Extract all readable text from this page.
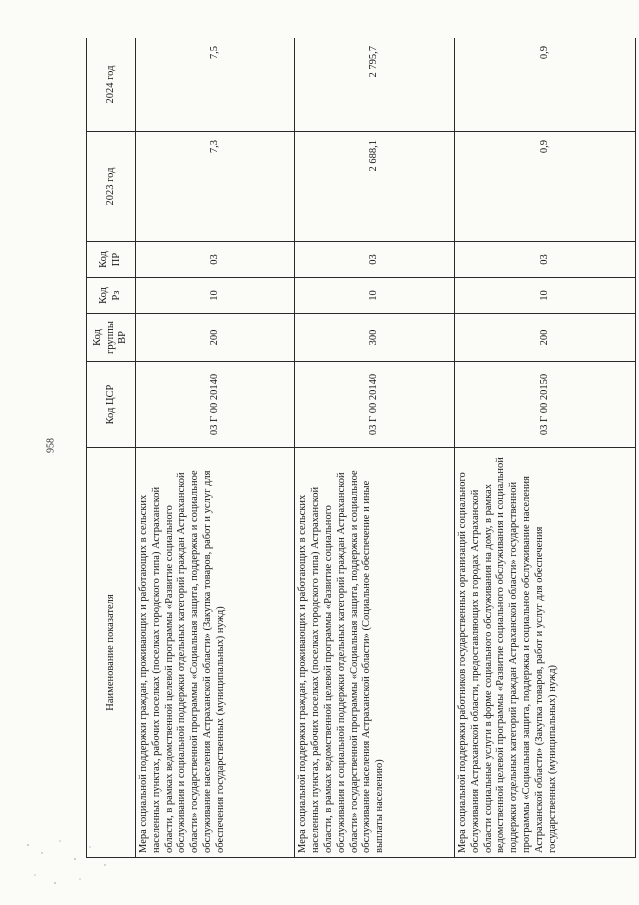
958
Наименование показателя	Код ЦСР	Код группы ВР	Код Рз	Код ПР	2023 год	2024 год
Мера социальной поддержки граждан, проживающих и работающих в сельских населенных пунктах, рабочих поселках (поселках городского типа) Астраханской области, в рамках ведомственной целевой программы «Развитие социального обслуживания и социальной поддержки отдельных категорий граждан Астраханской области» государственной программы «Социальная защита, поддержка и социальное обслуживание населения Астраханской области» (Закупка товаров, работ и услуг для обеспечения государственных (муниципальных) нужд)	03 Г 00 20140	200	10	03	7,3	7,5
Мера социальной поддержки граждан, проживающих и работающих в сельских населенных пунктах, рабочих поселках (поселках городского типа) Астраханской области, в рамках ведомственной целевой программы «Развитие социального обслуживания и социальной поддержки отдельных категорий граждан Астраханской области» государственной программы «Социальная защита, поддержка и социальное обслуживание населения Астраханской области» (Социальное обеспечение и иные выплаты населению)	03 Г 00 20140	300	10	03	2 688,1	2 795,7
Мера социальной поддержки работников государственных организаций социального обслуживания Астраханской области, предоставляющих в городах Астраханской области социальные услуги в форме социального обслуживания на дому, в рамках ведомственной целевой программы «Развитие социального обслуживания и социальной поддержки отдельных категорий граждан Астраханской области» государственной программы «Социальная защита, поддержка и социальное обслуживание населения Астраханской области» (Закупка товаров, работ и услуг для обеспечения государственных (муниципальных) нужд)	03 Г 00 20150	200	10	03	0,9	0,9
